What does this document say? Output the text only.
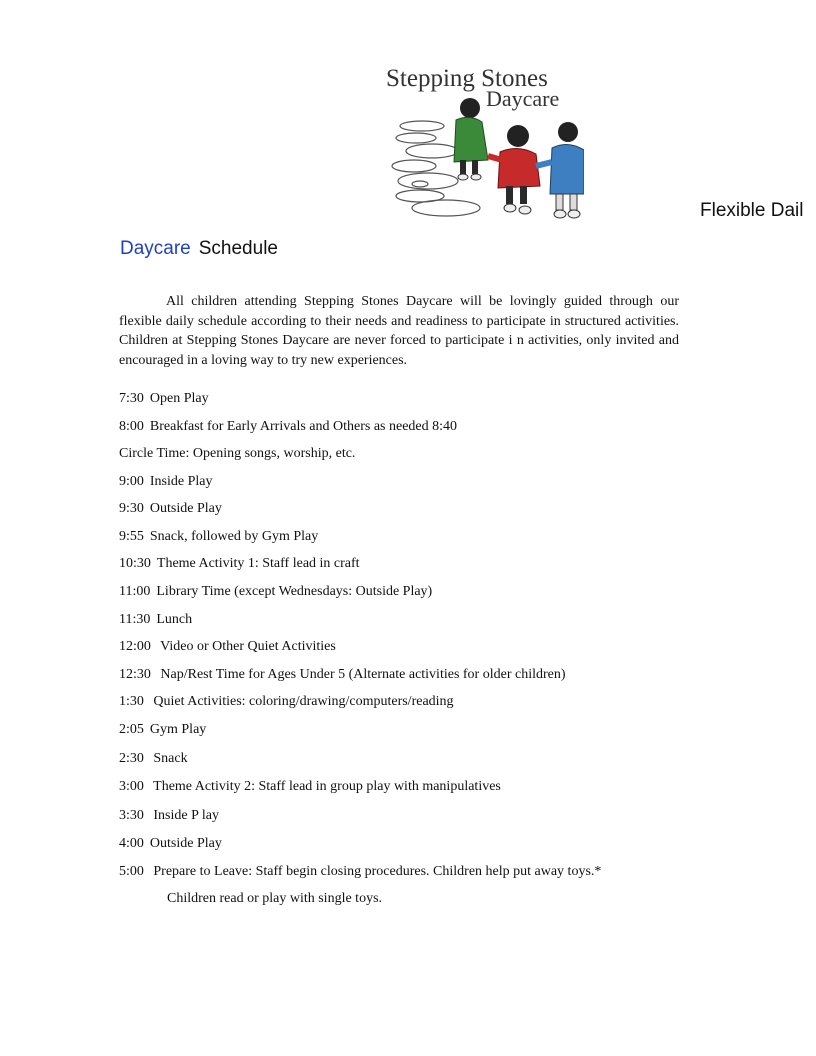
Stepping Stones
Daycare
Flexible Dail
Daycare Schedule
All children attending Stepping Stones Daycare will be lovingly guided through our flexible daily schedule according to their needs and readiness to participate in structured activities. Children at Stepping Stones Daycare are never forced to participate i n activities, only invited and encouraged in a loving way to try new experiences.
7:30 Open Play
8:00 Breakfast for Early Arrivals and Others as needed 8:40
Circle Time: Opening songs, worship, etc.
9:00 Inside Play
9:30 Outside Play
9:55 Snack, followed by Gym Play
10:30 Theme Activity 1: Staff lead in craft
11:00 Library Time (except Wednesdays: Outside Play)
11:30 Lunch
12:00 Video or Other Quiet Activities
12:30 Nap/Rest Time for Ages Under 5 (Alternate activities for older children)
1:30 Quiet Activities: coloring/drawing/computers/reading
2:05 Gym Play
2:30 Snack
3:00 Theme Activity 2: Staff lead in group play with manipulatives
3:30 Inside P lay
4:00 Outside Play
5:00 Prepare to Leave: Staff begin closing procedures. Children help put away toys.*
Children read or play with single toys.
